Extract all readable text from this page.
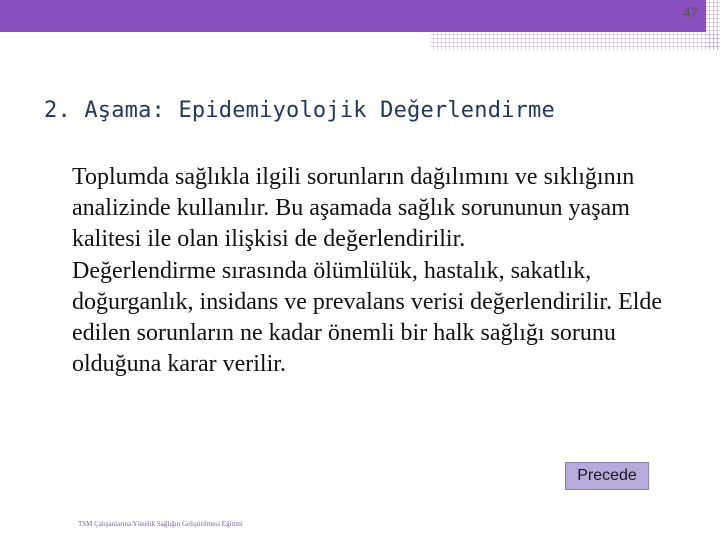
47
2. Aşama: Epidemiyolojik Değerlendirme

Toplumda sağlıkla ilgili sorunların dağılımını ve sıklığının analizinde kullanılır. Bu aşamada sağlık sorununun yaşam kalitesi ile olan ilişkisi de değerlendirilir.

Değerlendirme sırasında ölümlülük, hastalık, sakatlık, doğurganlık, insidans ve prevalans verisi değerlendirilir. Elde edilen sorunların ne kadar önemli bir halk sağlığı sorunu olduğuna karar verilir.

Precede
TSM Çalışanlarına Yönelik Sağlığın Geliştirilmesi Eğitimi
